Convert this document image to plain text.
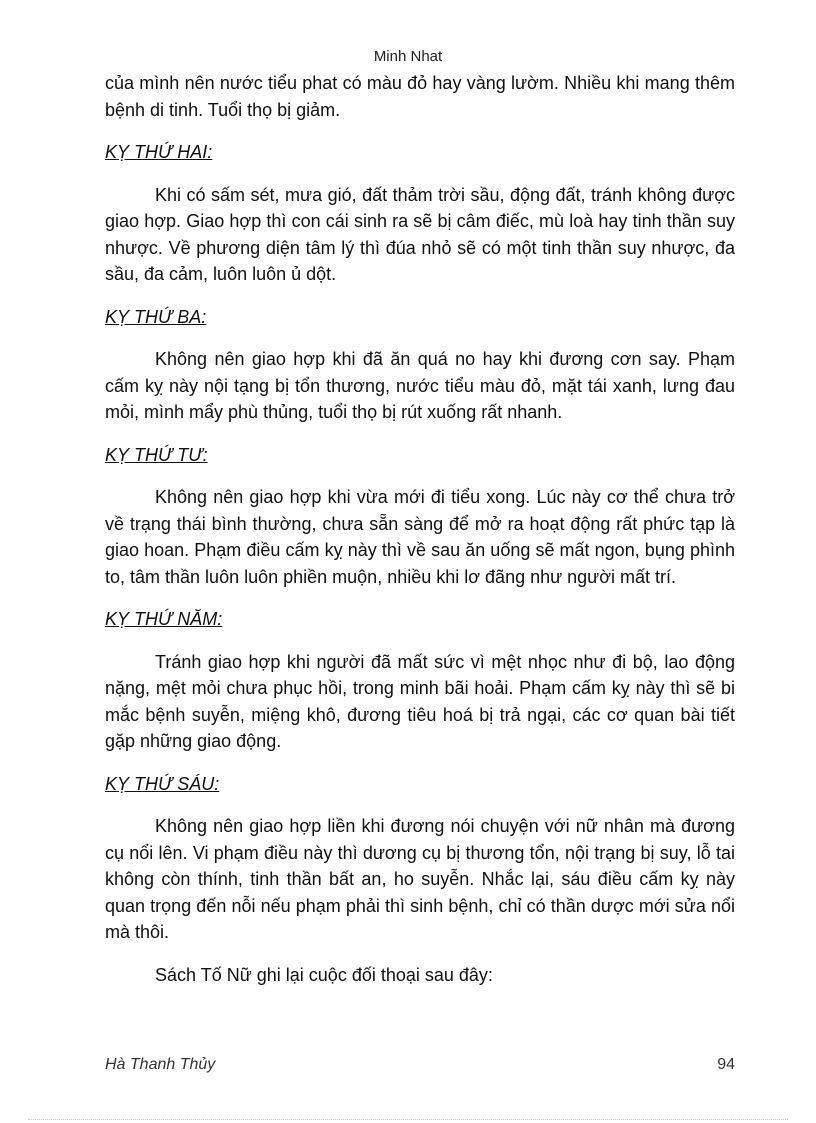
Minh Nhat

của mình nên nước tiểu phat có màu đỏ hay vàng lườm. Nhiều khi mang thêm bệnh di tinh. Tuổi thọ bị giảm.

KỴ THỨ HAI:

Khi có sấm sét, mưa gió, đất thảm trời sầu, động đất, tránh không được giao hợp. Giao hợp thì con cái sinh ra sẽ bị câm điếc, mù loà hay tinh thần suy nhược. Về phương diện tâm lý thì đúa nhỏ sẽ có một tinh thần suy nhược, đa sầu, đa cảm, luôn luôn ủ dột.

KỴ THỨ BA:

Không nên giao hợp khi đã ăn quá no hay khi đương cơn say. Phạm cấm kỵ này nội tạng bị tổn thương, nước tiểu màu đỏ, mặt tái xanh, lưng đau mỏi, mình mẩy phù thủng, tuổi thọ bị rút xuống rất nhanh.

KỴ THỨ TƯ:

Không nên giao hợp khi vừa mới đi tiểu xong. Lúc này cơ thể chưa trở về trạng thái bình thường, chưa sẵn sàng để mở ra hoạt động rất phức tạp là giao hoan. Phạm điều cấm kỵ này thì về sau ăn uống sẽ mất ngon, bụng phình to, tâm thần luôn luôn phiền muộn, nhiều khi lơ đãng như người mất trí.

KỴ THỨ NĂM:

Tránh giao hợp khi người đã mất sức vì mệt nhọc như đi bộ, lao động nặng, mệt mỏi chưa phục hồi, trong minh bãi hoải. Phạm cấm kỵ này thì sẽ bi mắc bệnh suyễn, miệng khô, đương tiêu hoá bị trả ngại, các cơ quan bài tiết gặp những giao động.

KỴ THỨ SÁU:

Không nên giao hợp liền khi đương nói chuyện với nữ nhân mà đương cụ nổi lên. Vi phạm điều này thì dương cụ bị thương tổn, nội trạng bị suy, lỗ tai không còn thính, tinh thần bất an, ho suyễn. Nhắc lại, sáu điều cấm kỵ này quan trọng đến nỗi nếu phạm phải thì sinh bệnh, chỉ có thần dược mới sửa nổi mà thôi.

Sách Tố Nữ ghi lại cuộc đối thoại sau đây:

Hà Thanh Thủy	94
